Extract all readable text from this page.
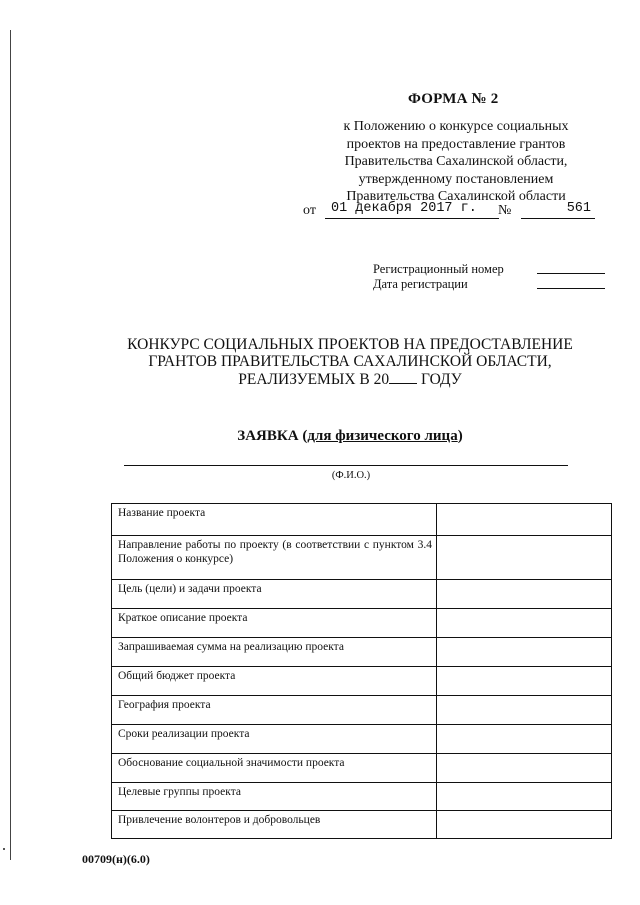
ФОРМА № 2
к Положению о конкурсе социальных
проектов на предоставление грантов
Правительства Сахалинской области,
утвержденному постановлением
Правительства Сахалинской области
от	01 декабря 2017 г.	№	561
Регистрационный номер
Дата регистрации
КОНКУРС СОЦИАЛЬНЫХ ПРОЕКТОВ НА ПРЕДОСТАВЛЕНИЕ
ГРАНТОВ ПРАВИТЕЛЬСТВА САХАЛИНСКОЙ ОБЛАСТИ,
РЕАЛИЗУЕМЫХ В 20 ГОДУ
ЗАЯВКА (для физического лица)
(Ф.И.О.)
Название проекта
Направление работы по проекту (в соответствии с пунктом 3.4 Положения о конкурсе)
Цель (цели) и задачи проекта
Краткое описание проекта
Запрашиваемая сумма на реализацию проекта
Общий бюджет проекта
География проекта
Сроки реализации проекта
Обоснование социальной значимости проекта
Целевые группы проекта
Привлечение волонтеров и добровольцев
00709(н)(6.0)
